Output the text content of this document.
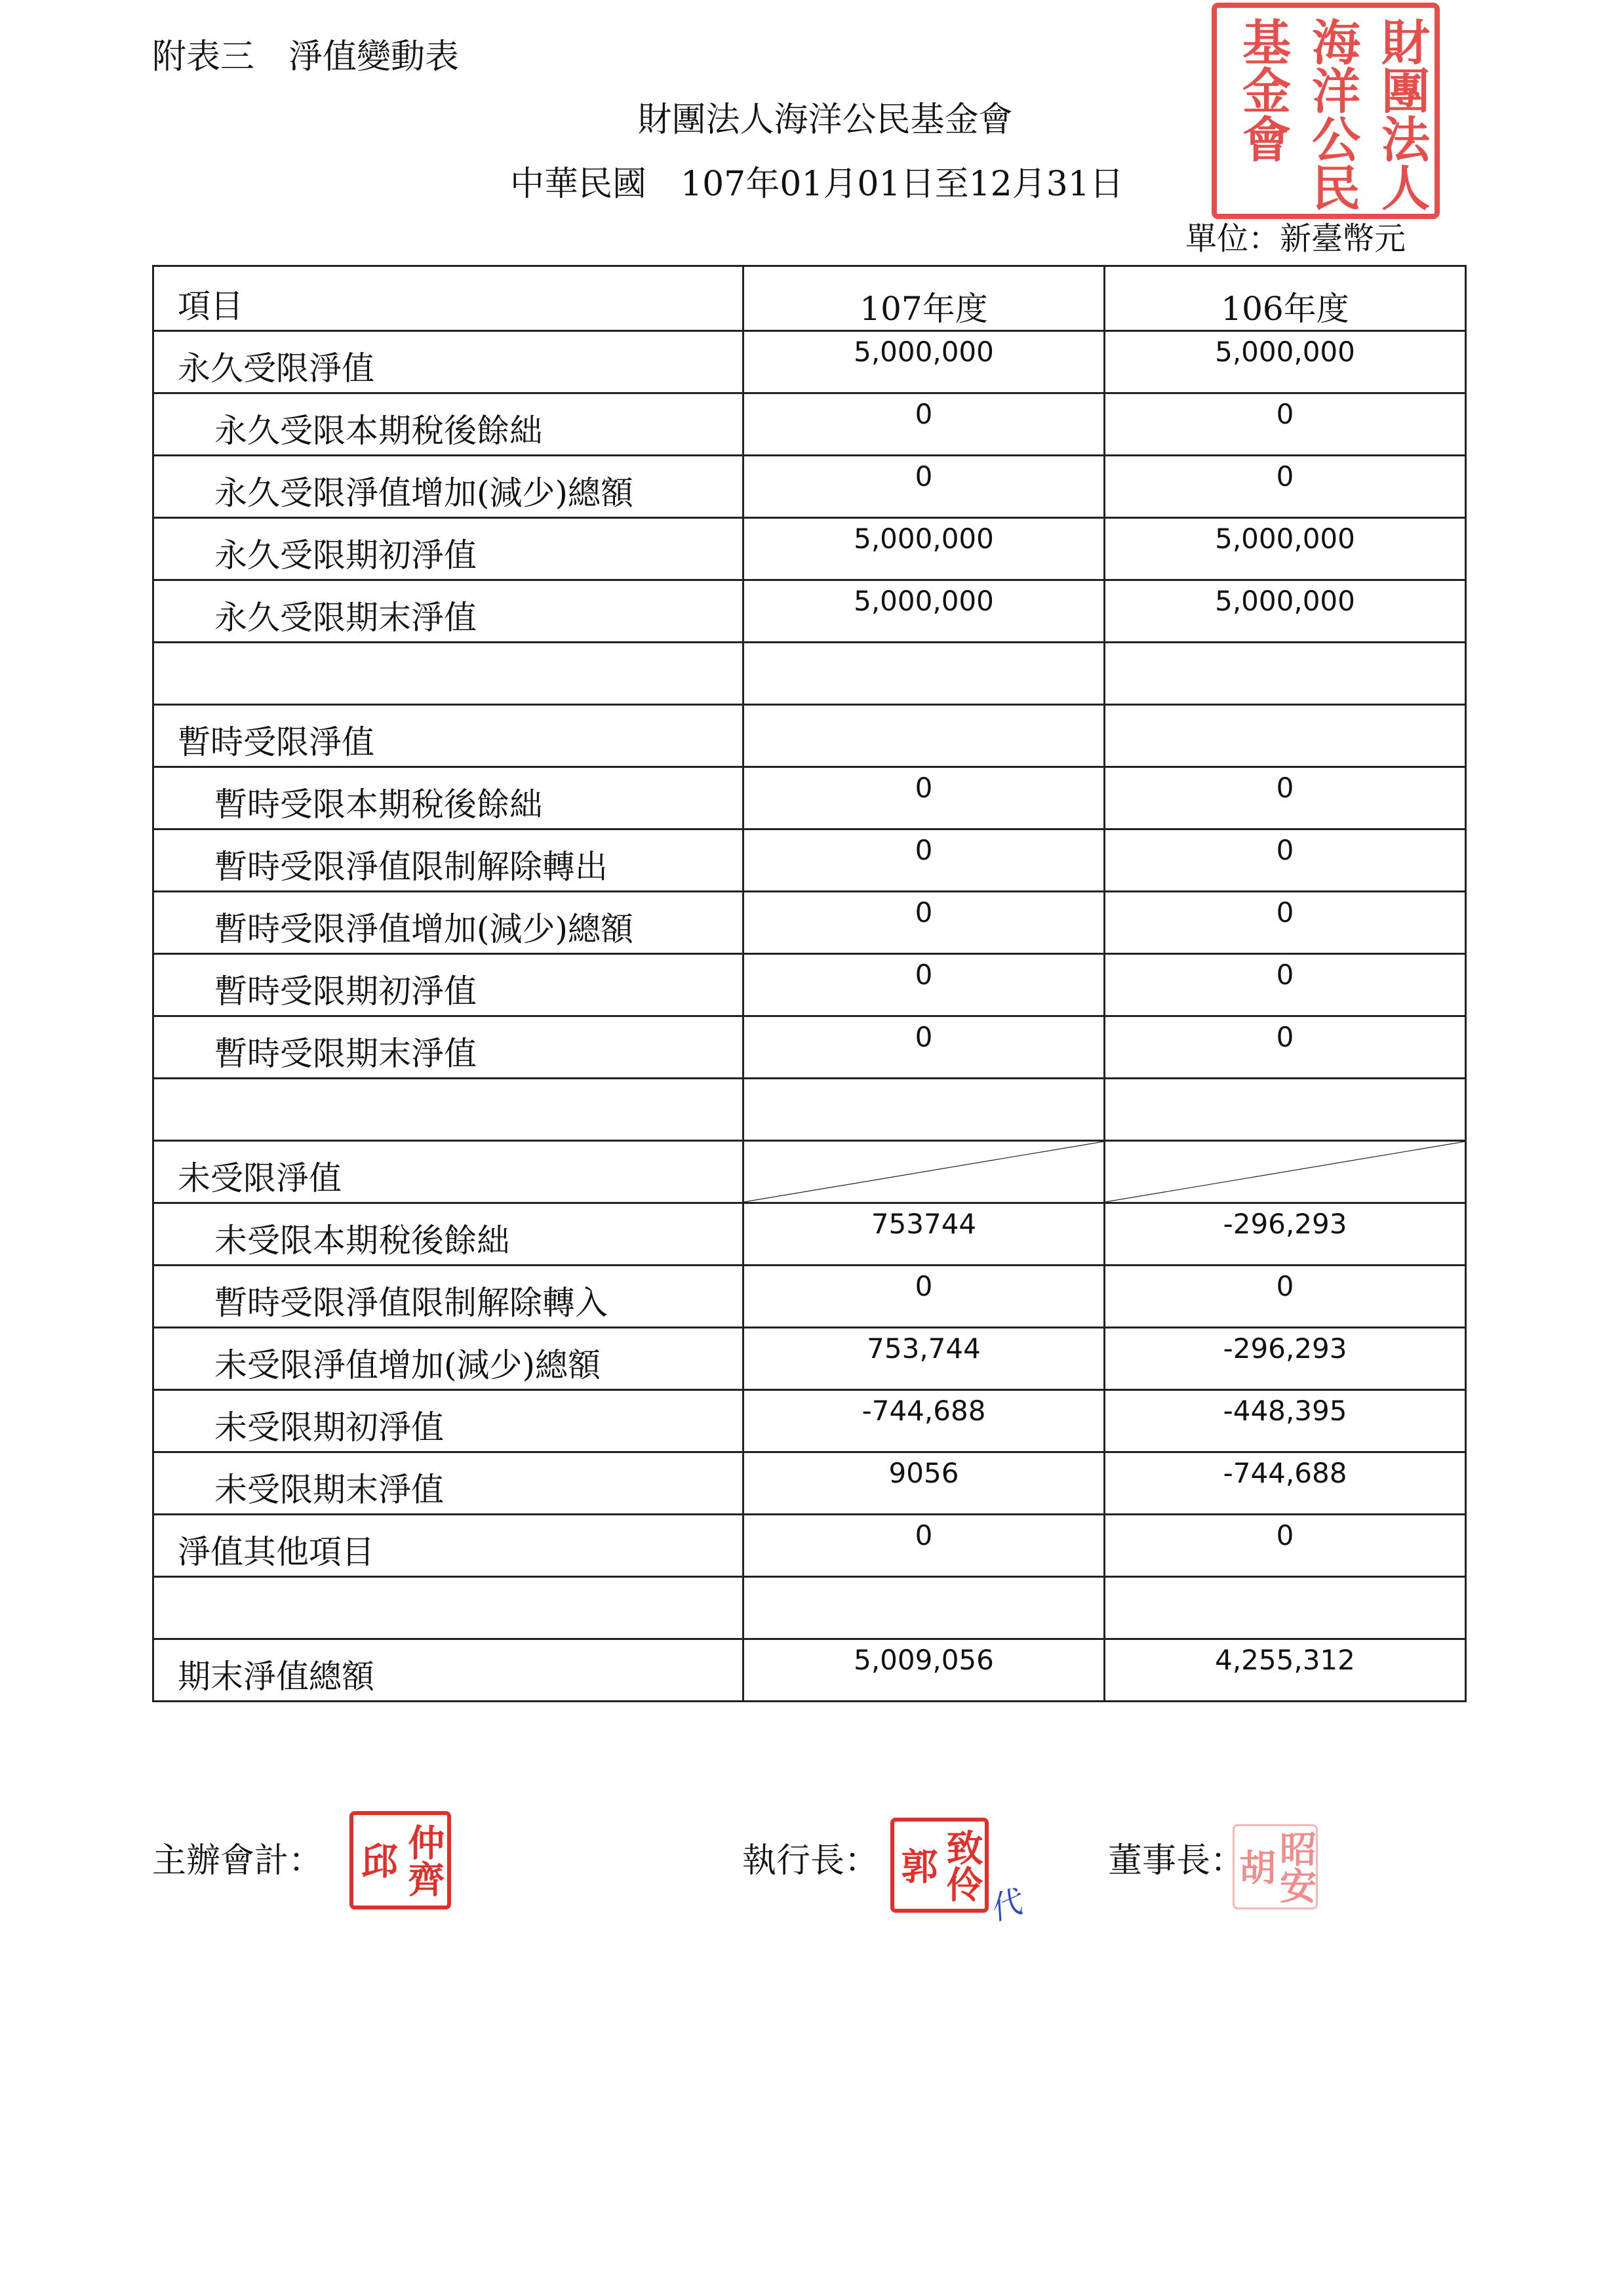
附表三　淨值變動表
財團法人海洋公民基金會
中華民國　107年01月01日至12月31日
單位：新臺幣元
財團法人
海洋公民
基金會
項目	107年度	106年度

永久受限淨值	5,000,000	5,000,000

永久受限本期稅後餘絀	0	0

永久受限淨值增加(減少)總額	0	0

永久受限期初淨值	5,000,000	5,000,000

永久受限期末淨值	5,000,000	5,000,000

暫時受限淨值		

暫時受限本期稅後餘絀	0	0

暫時受限淨值限制解除轉出	0	0

暫時受限淨值增加(減少)總額	0	0

暫時受限期初淨值	0	0

暫時受限期末淨值	0	0

未受限淨值

未受限本期稅後餘絀	753744	-296,293

暫時受限淨值限制解除轉入	0	0

未受限淨值增加(減少)總額	753,744	-296,293

未受限期初淨值	-744,688	-448,395

未受限期末淨值	9056	-744,688

淨值其他項目	0	0

期末淨值總額	5,009,056	4,255,312
主辦會計： 邱 仲齊	執行長： 郭 致伶
代
董事長：
胡
昭安
